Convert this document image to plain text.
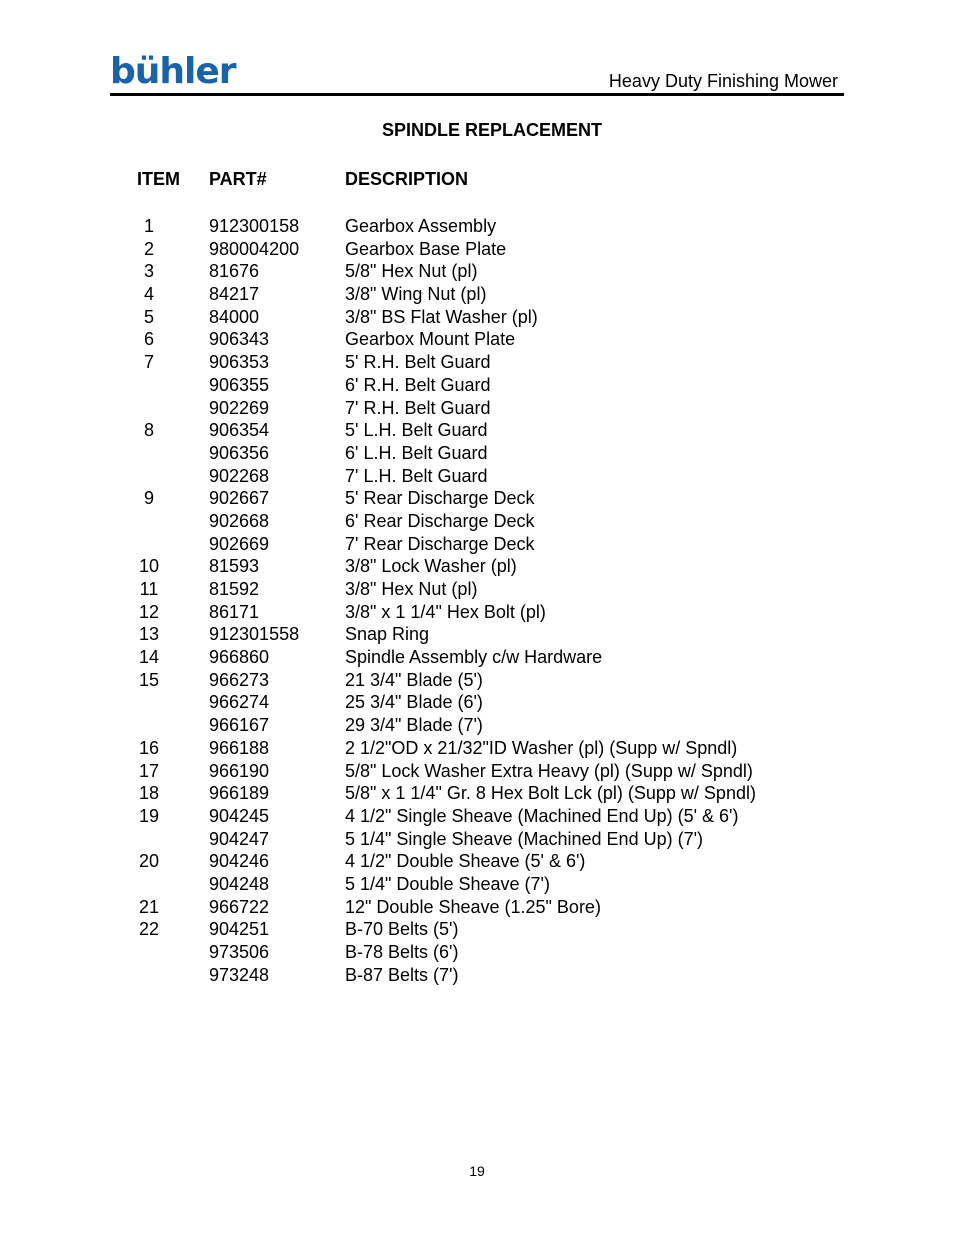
bühler	Heavy Duty Finishing Mower
SPINDLE REPLACEMENT
ITEM PART#	DESCRIPTION
1	912300158	Gearbox Assembly
2	980004200	Gearbox Base Plate
3	81676	5/8" Hex Nut (pl)
4	84217	3/8" Wing Nut (pl)
5	84000	3/8" BS Flat Washer (pl)
6	906343	Gearbox Mount Plate
7	906353	5' R.H. Belt Guard
906355	6' R.H. Belt Guard
902269	7' R.H. Belt Guard
8	906354	5' L.H. Belt Guard
906356	6' L.H. Belt Guard
902268	7' L.H. Belt Guard
9	902667	5' Rear Discharge Deck
902668	6' Rear Discharge Deck
902669	7' Rear Discharge Deck
10	81593	3/8" Lock Washer (pl)
11	81592	3/8" Hex Nut (pl)
12	86171	3/8" x 1 1/4" Hex Bolt (pl)
13	912301558	Snap Ring
14	966860	Spindle Assembly c/w Hardware
15	966273	21 3/4" Blade (5')
966274	25 3/4" Blade (6')
966167	29 3/4" Blade (7')
16	966188	2 1/2"OD x 21/32"ID Washer (pl) (Supp w/ Spndl)
17	966190	5/8" Lock Washer Extra Heavy (pl) (Supp w/ Spndl)
18	966189	5/8" x 1 1/4" Gr. 8 Hex Bolt Lck (pl) (Supp w/ Spndl)
19	904245	4 1/2" Single Sheave (Machined End Up) (5' & 6')
904247	5 1/4" Single Sheave (Machined End Up) (7')
20	904246	4 1/2" Double Sheave (5' & 6')
904248	5 1/4" Double Sheave (7')
21	966722	12" Double Sheave (1.25" Bore)
22	904251	B-70 Belts (5')
973506	B-78 Belts (6')
973248	B-87 Belts (7')
19
